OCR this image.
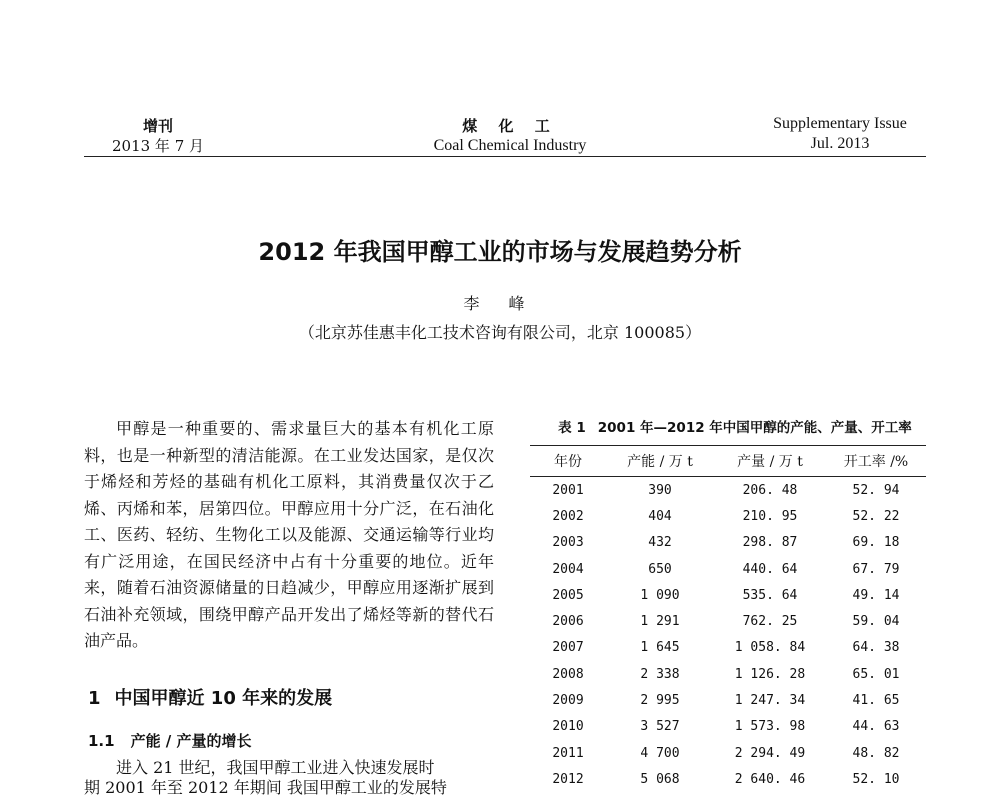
增刊
2013 年 7 月
煤 化 工
Coal Chemical Industry
Supplementary Issue
Jul. 2013
2012 年我国甲醇工业的市场与发展趋势分析
李 峰
（北京苏佳惠丰化工技术咨询有限公司，北京 100085）

甲醇是一种重要的、需求量巨大的基本有机化工原料，也是一种新型的清洁能源。在工业发达国家，是仅次于烯烃和芳烃的基础有机化工原料，其消费量仅次于乙烯、丙烯和苯，居第四位。甲醇应用十分广泛，在石油化工、医药、轻纺、生物化工以及能源、交通运输等行业均有广泛用途，在国民经济中占有十分重要的地位。近年来，随着石油资源储量的日趋减少，甲醇应用逐渐扩展到石油补充领域，围绕甲醇产品开发出了烯烃等新的替代石油产品。

1 中国甲醇近 10 年来的发展
1.1 产能 / 产量的增长

进入 21 世纪，我国甲醇工业进入快速发展时

期 2001 年至 2012 年期间 我国甲醇工业的发展特

表 1 2001 年—2012 年中国甲醇的产能、产量、开工率
年份	产能 / 万 t	产量 / 万 t	开工率 /%
2001	390	206. 48	52. 94
2002	404	210. 95	52. 22
2003	432	298. 87	69. 18
2004	650	440. 64	67. 79
2005	1 090	535. 64	49. 14
2006	1 291	762. 25	59. 04
2007	1 645	1 058. 84	64. 38
2008	2 338	1 126. 28	65. 01
2009	2 995	1 247. 34	41. 65
2010	3 527	1 573. 98	44. 63
2011	4 700	2 294. 49	48. 82
2012	5 068	2 640. 46	52. 10
